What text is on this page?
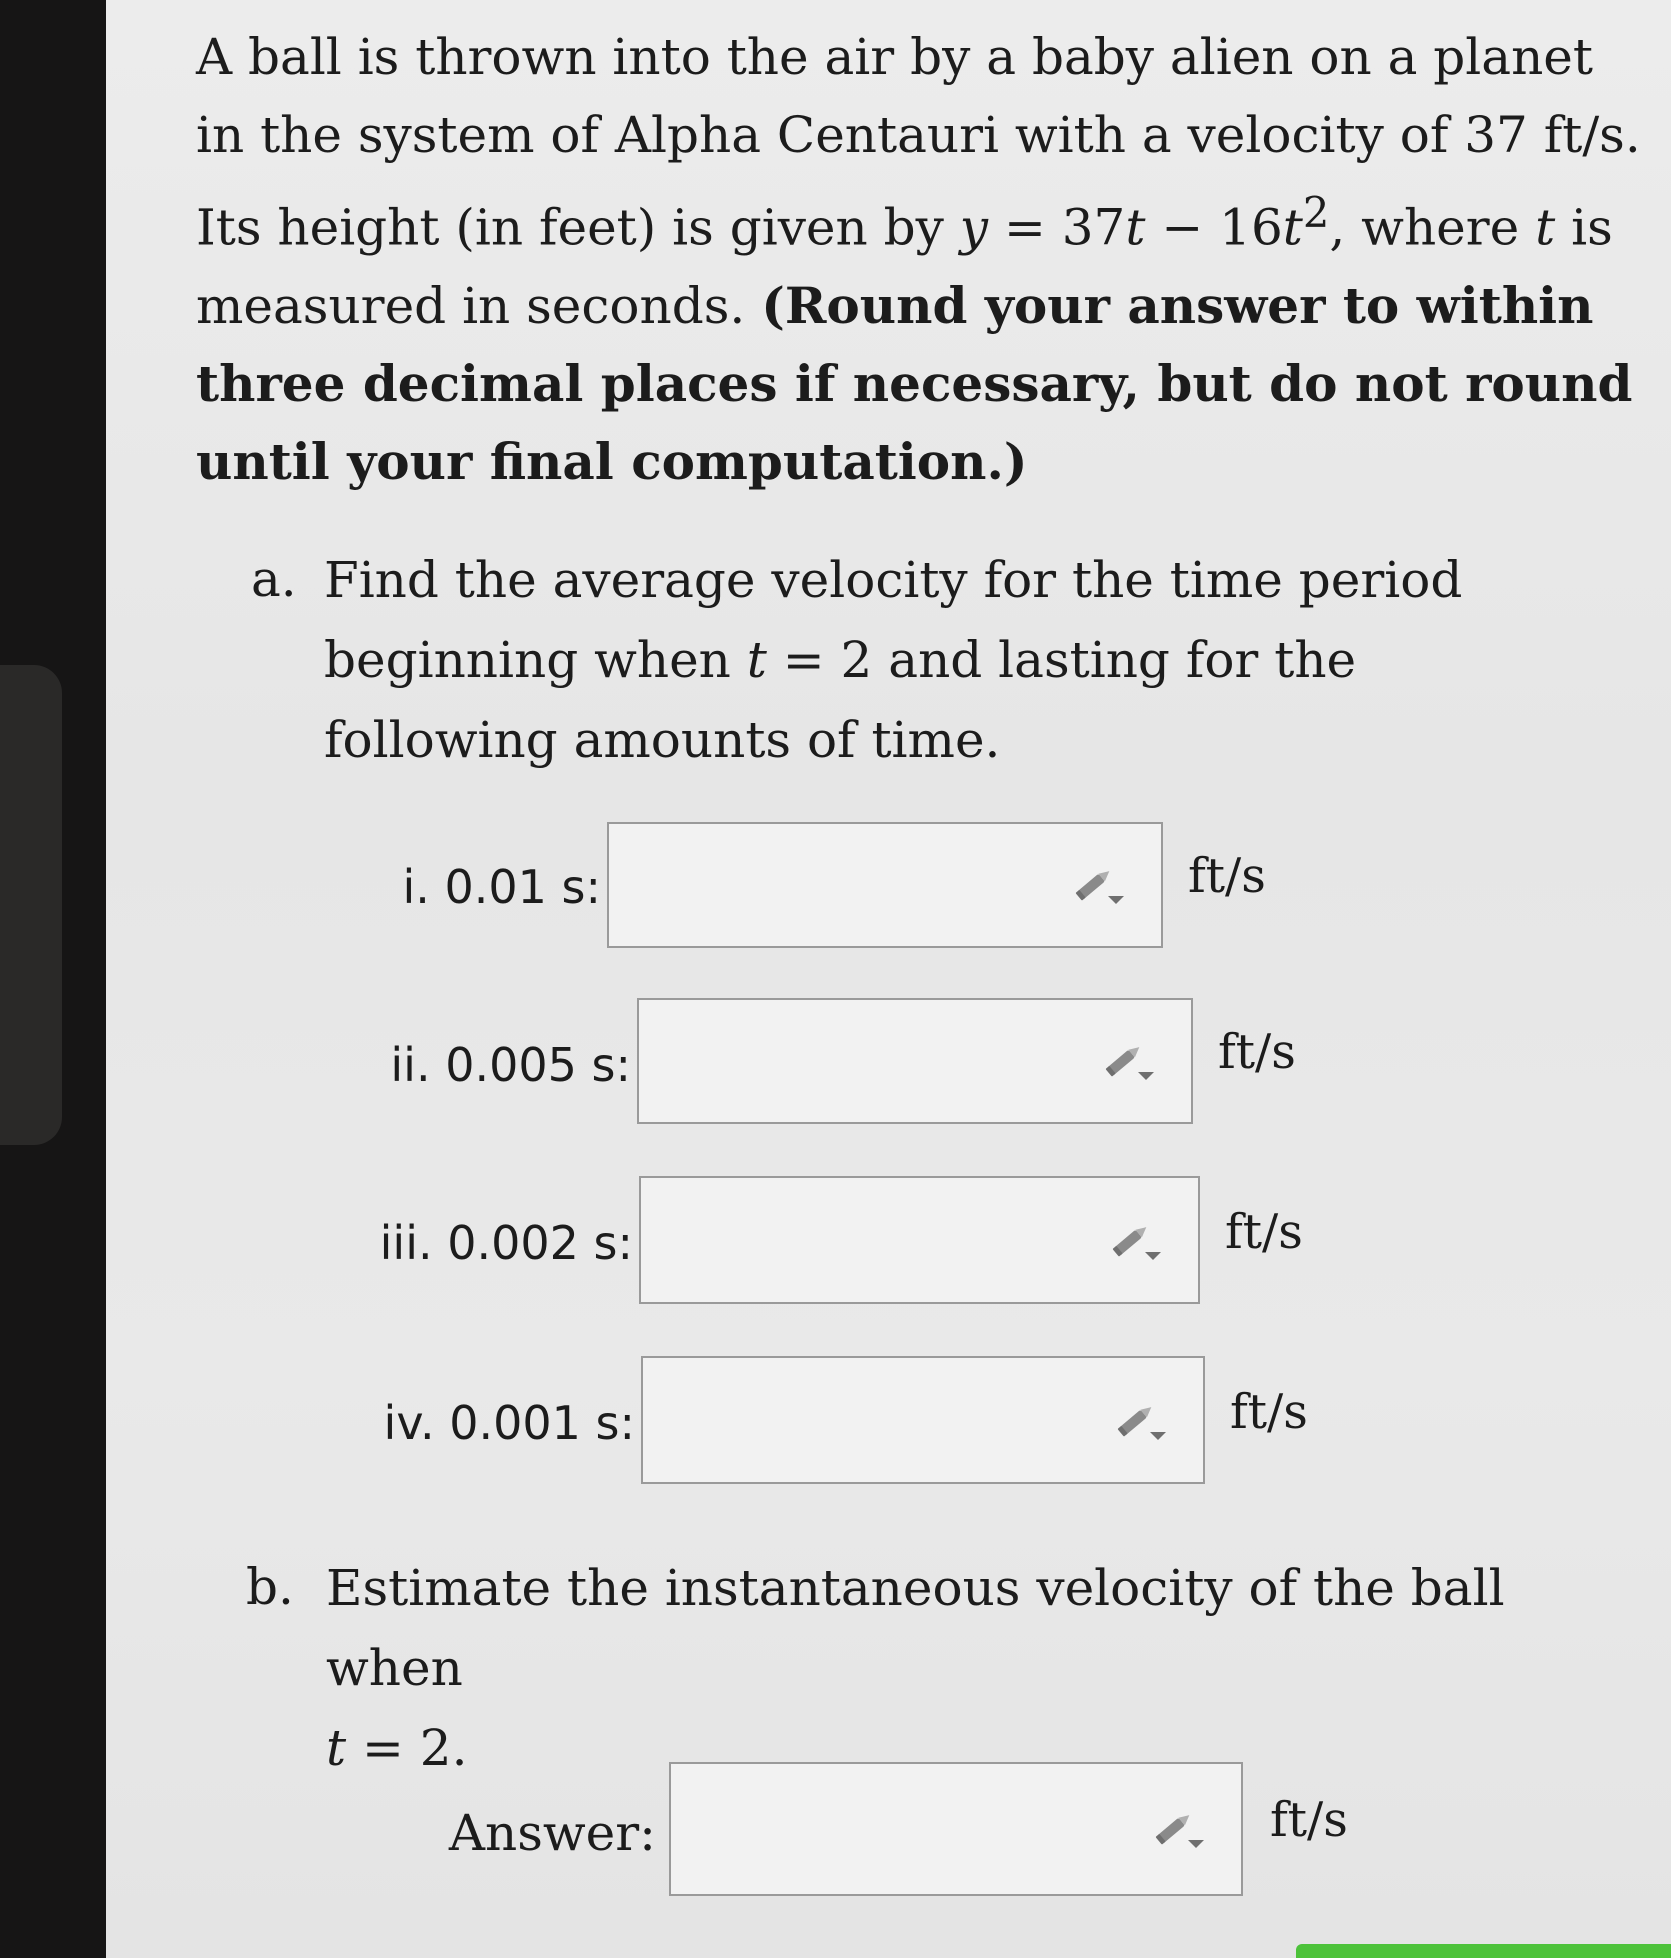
A ball is thrown into the air by a baby alien on a planet in the system of Alpha Centauri with a velocity of 37 ft/s. Its height (in feet) is given by $y = 37t - 16t^2$, where t is measured in seconds. (Round your answer to within three decimal places if necessary, but do not round until your final computation.)

a. Find the average velocity for the time period beginning when t = 2 and lasting for the following amounts of time.
i. 0.01 s:	ft/s
ii. 0.005 s:	ft/s
iii. 0.002 s:	ft/s
iv. 0.001 s:	ft/s
b. Estimate the instantaneous velocity of the ball when
t = 2.
Answer:	ft/s
